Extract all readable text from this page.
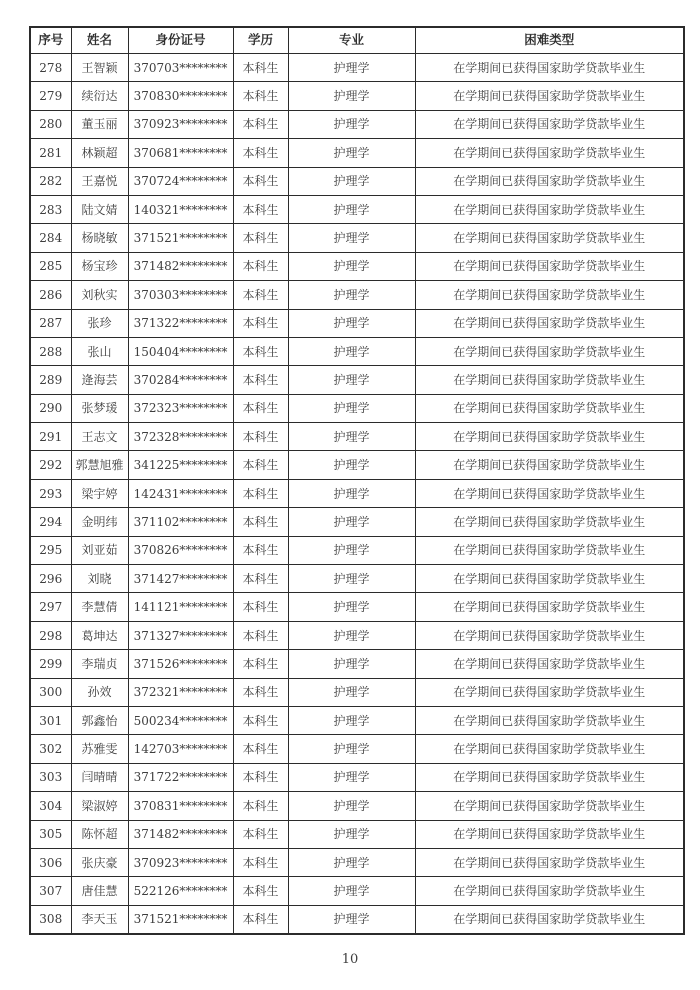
序号	姓名	身份证号	学历	专业	困难类型
278	王智颖	370703********	本科生	护理学	在学期间已获得国家助学贷款毕业生
279	续衍达	370830********	本科生	护理学	在学期间已获得国家助学贷款毕业生
280	董玉丽	370923********	本科生	护理学	在学期间已获得国家助学贷款毕业生
281	林颖超	370681********	本科生	护理学	在学期间已获得国家助学贷款毕业生
282	王嘉悦	370724********	本科生	护理学	在学期间已获得国家助学贷款毕业生
283	陆文婧	140321********	本科生	护理学	在学期间已获得国家助学贷款毕业生
284	杨晓敏	371521********	本科生	护理学	在学期间已获得国家助学贷款毕业生
285	杨宝珍	371482********	本科生	护理学	在学期间已获得国家助学贷款毕业生
286	刘秋实	370303********	本科生	护理学	在学期间已获得国家助学贷款毕业生
287	张珍	371322********	本科生	护理学	在学期间已获得国家助学贷款毕业生
288	张山	150404********	本科生	护理学	在学期间已获得国家助学贷款毕业生
289	逄海芸	370284********	本科生	护理学	在学期间已获得国家助学贷款毕业生
290	张梦瑗	372323********	本科生	护理学	在学期间已获得国家助学贷款毕业生
291	王志文	372328********	本科生	护理学	在学期间已获得国家助学贷款毕业生
292	郭慧旭雅	341225********	本科生	护理学	在学期间已获得国家助学贷款毕业生
293	梁宇婷	142431********	本科生	护理学	在学期间已获得国家助学贷款毕业生
294	金明纬	371102********	本科生	护理学	在学期间已获得国家助学贷款毕业生
295	刘亚茹	370826********	本科生	护理学	在学期间已获得国家助学贷款毕业生
296	刘晓	371427********	本科生	护理学	在学期间已获得国家助学贷款毕业生
297	李慧倩	141121********	本科生	护理学	在学期间已获得国家助学贷款毕业生
298	葛坤达	371327********	本科生	护理学	在学期间已获得国家助学贷款毕业生
299	李瑞贞	371526********	本科生	护理学	在学期间已获得国家助学贷款毕业生
300	孙效	372321********	本科生	护理学	在学期间已获得国家助学贷款毕业生
301	郭鑫怡	500234********	本科生	护理学	在学期间已获得国家助学贷款毕业生
302	苏雅雯	142703********	本科生	护理学	在学期间已获得国家助学贷款毕业生
303	闫晴晴	371722********	本科生	护理学	在学期间已获得国家助学贷款毕业生
304	梁淑婷	370831********	本科生	护理学	在学期间已获得国家助学贷款毕业生
305	陈怀超	371482********	本科生	护理学	在学期间已获得国家助学贷款毕业生
306	张庆豪	370923********	本科生	护理学	在学期间已获得国家助学贷款毕业生
307	唐佳慧	522126********	本科生	护理学	在学期间已获得国家助学贷款毕业生
308	李天玉	371521********	本科生	护理学	在学期间已获得国家助学贷款毕业生
10
